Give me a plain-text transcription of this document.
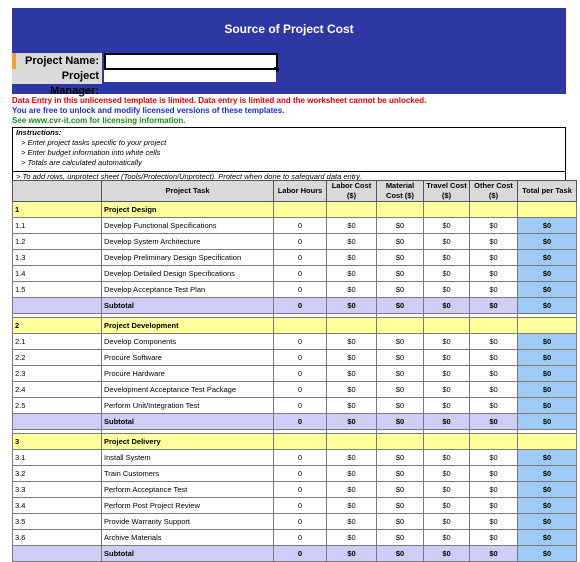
Source of Project Cost
Project Name:
Project Manager:
Data Entry in this unlicensed template is limited. Data entry is limited and the worksheet cannot be unlocked.
You are free to unlock and modify licensed versions of these templates.
See www.cvr-it.com for licensing information.
Instructions:
> Enter project tasks specific to your project
> Enter budget information into white cells
> Totals are calculated automatically
> To add rows, unprotect sheet (Tools/Protection/Unprotect). Protect when done to safeguard data entry.
	Project Task	Labor Hours	Labor Cost ($)	Material Cost ($)	Travel Cost ($)	Other Cost ($)	Total per Task
1	Project Design						
1.1	Develop Functional Specifications	0	$0	$0	$0	$0	$0
1.2	Develop System Architecture	0	$0	$0	$0	$0	$0
1.3	Develop Preliminary Design Specification	0	$0	$0	$0	$0	$0
1.4	Develop Detailed Design Specifications	0	$0	$0	$0	$0	$0
1.5	Develop Acceptance Test Plan	0	$0	$0	$0	$0	$0
	Subtotal	0	$0	$0	$0	$0	$0

2	Project Development						
2.1	Develop Components	0	$0	$0	$0	$0	$0
2.2	Procure Software	0	$0	$0	$0	$0	$0
2.3	Procure Hardware	0	$0	$0	$0	$0	$0
2.4	Development Acceptance Test Package	0	$0	$0	$0	$0	$0
2.5	Perform Unit/Integration Test	0	$0	$0	$0	$0	$0
	Subtotal	0	$0	$0	$0	$0	$0

3	Project Delivery						
3.1	Install System	0	$0	$0	$0	$0	$0
3.2	Train Customers	0	$0	$0	$0	$0	$0
3.3	Perform Acceptance Test	0	$0	$0	$0	$0	$0
3.4	Perform Post Project Review	0	$0	$0	$0	$0	$0
3.5	Provide Warranty Support	0	$0	$0	$0	$0	$0
3.6	Archive Materials	0	$0	$0	$0	$0	$0
	Subtotal	0	$0	$0	$0	$0	$0
